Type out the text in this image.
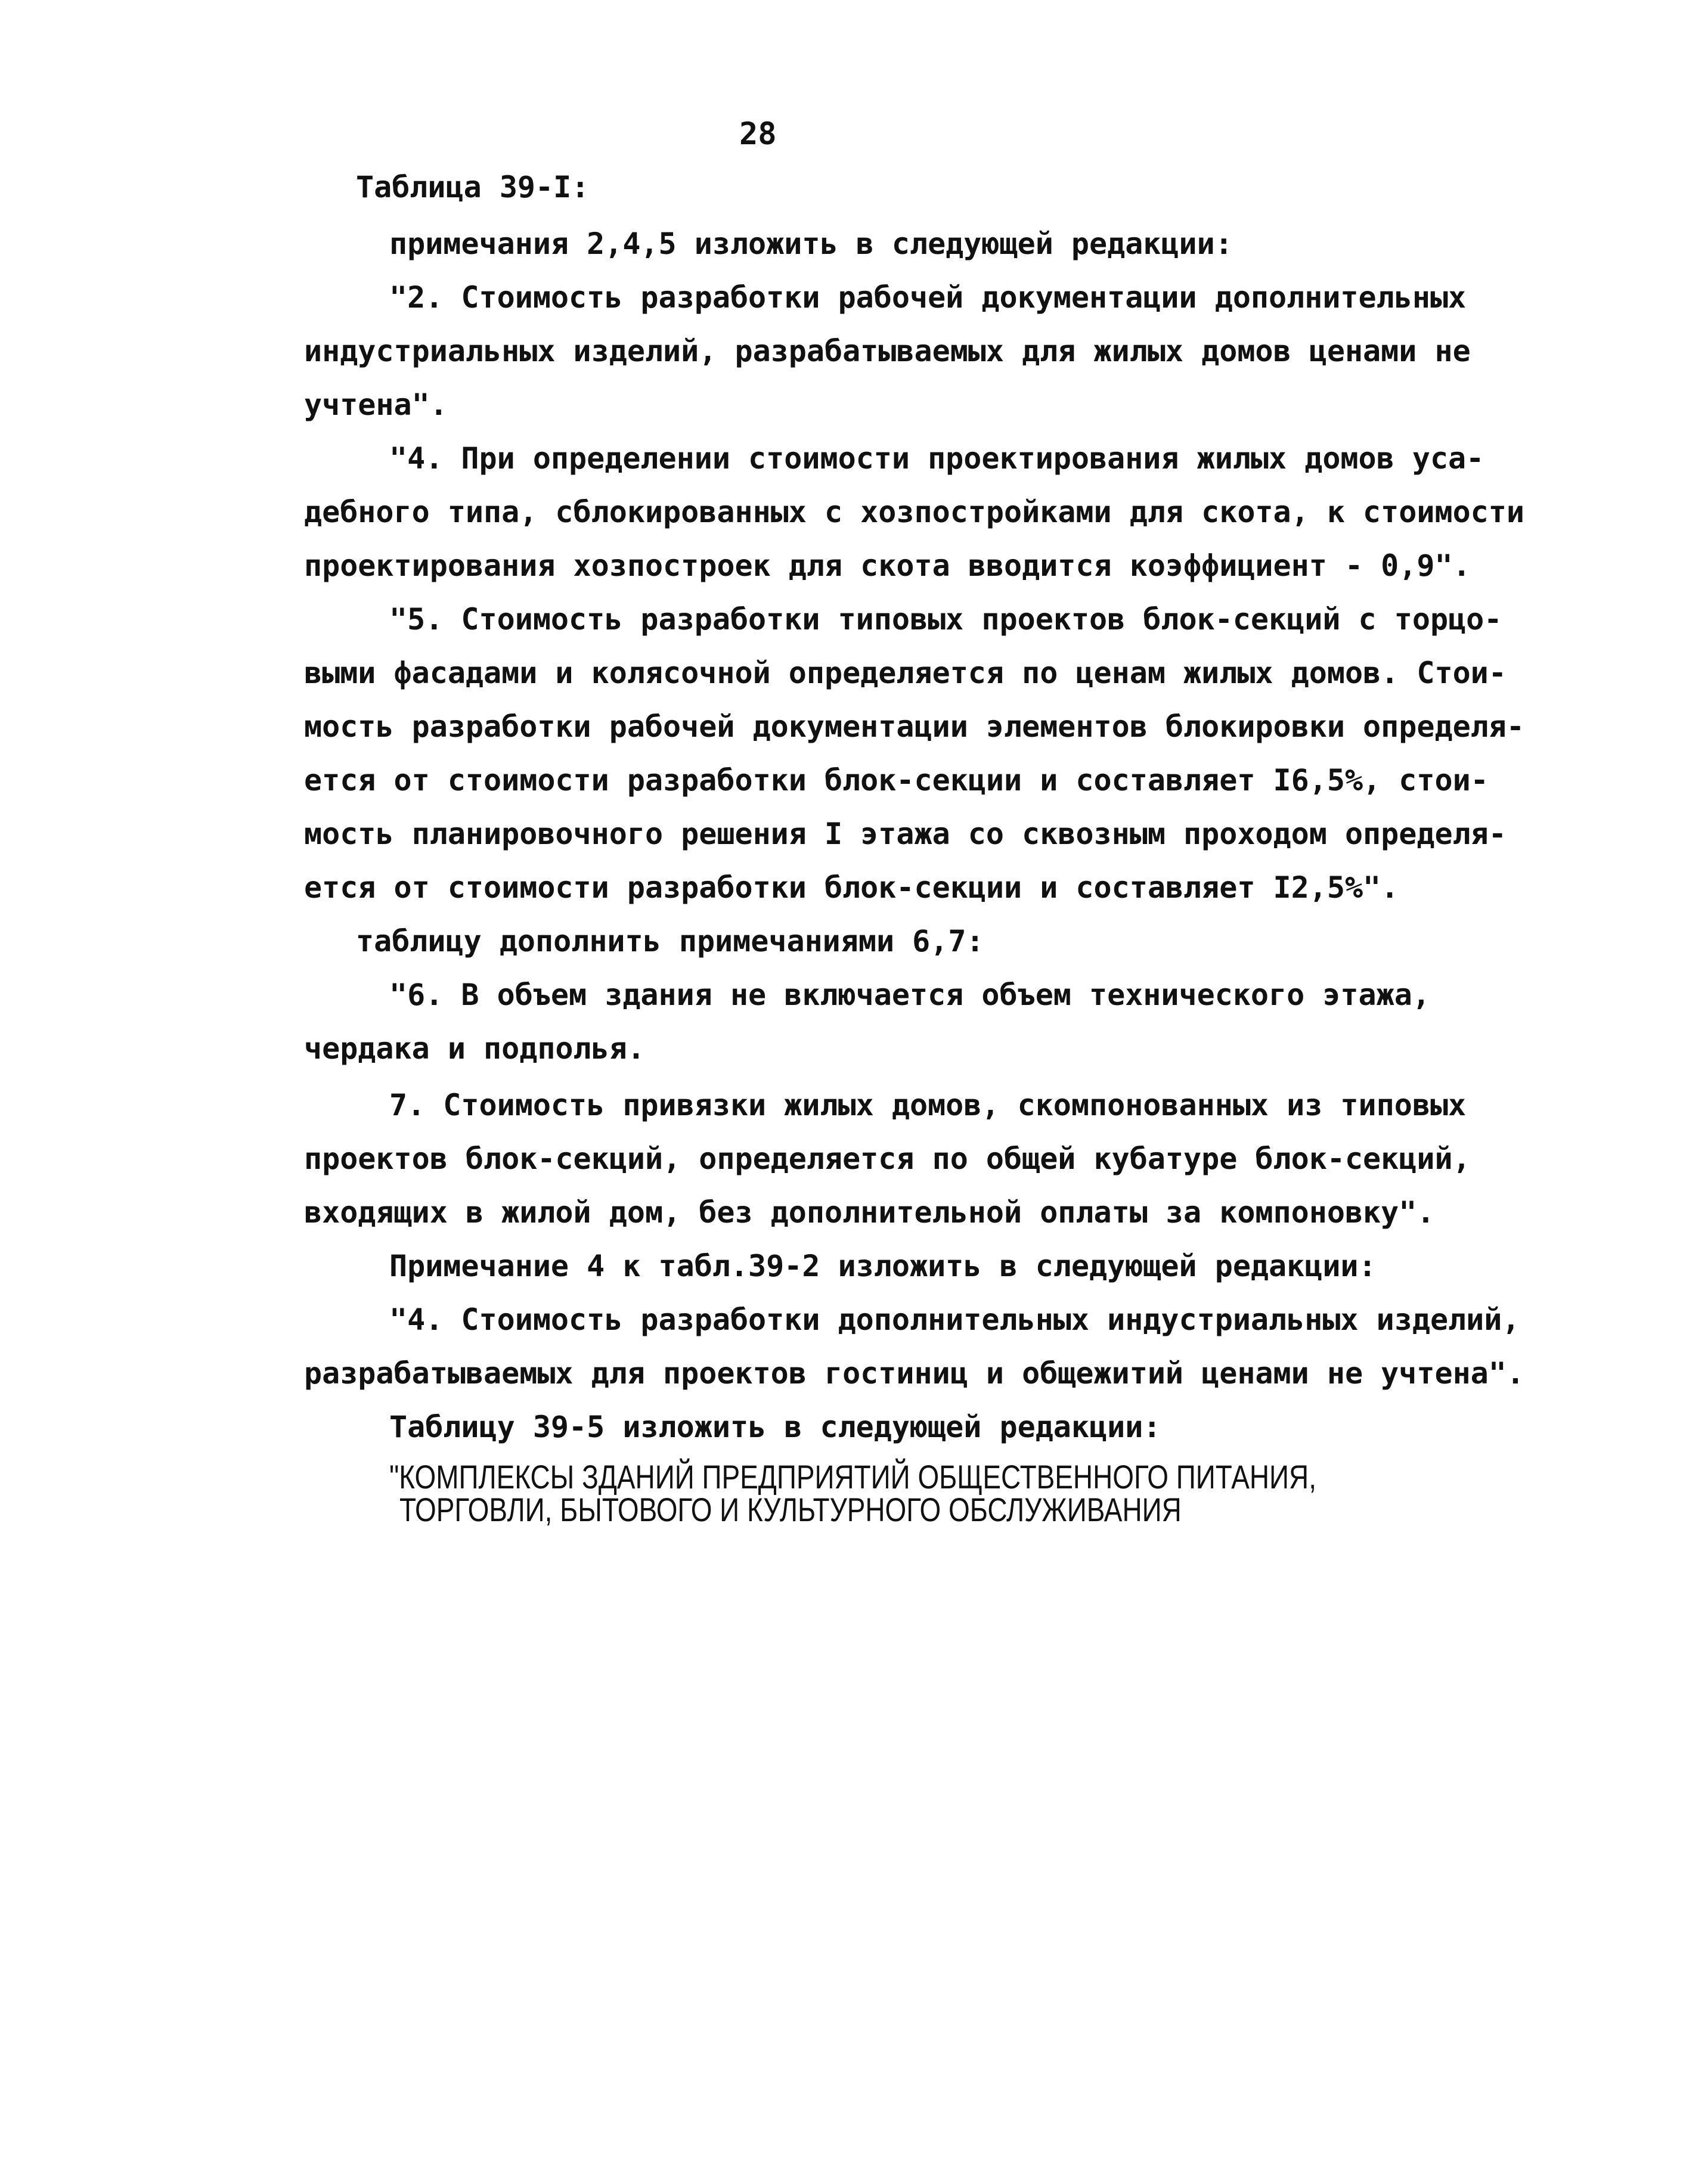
28
Таблица 39-I:
примечания 2,4,5 изложить в следующей редакции:
"2. Стоимость разработки рабочей документации дополнительных
индустриальных изделий, разрабатываемых для жилых домов ценами не
учтена".
"4. При определении стоимости проектирования жилых домов уса-
дебного типа, сблокированных с хозпостройками для скота, к стоимости
проектирования хозпостроек для скота вводится коэффициент - 0,9".
"5. Стоимость разработки типовых проектов блок-секций с торцо-
выми фасадами и колясочной определяется по ценам жилых домов. Стои-
мость разработки рабочей документации элементов блокировки определя-
ется от стоимости разработки блок-секции и составляет I6,5%, стои-
мость планировочного решения I этажа со сквозным проходом определя-
ется от стоимости разработки блок-секции и составляет I2,5%".
таблицу дополнить примечаниями 6,7:
"6. В объем здания не включается объем технического этажа,
чердака и подполья.
7. Стоимость привязки жилых домов, скомпонованных из типовых
проектов блок-секций, определяется по общей кубатуре блок-секций,
входящих в жилой дом, без дополнительной оплаты за компоновку".
Примечание 4 к табл.39-2 изложить в следующей редакции:
"4. Стоимость разработки дополнительных индустриальных изделий,
разрабатываемых для проектов гостиниц и общежитий ценами не учтена".
Таблицу 39-5 изложить в следующей редакции:
"КОМПЛЕКСЫ ЗДАНИЙ ПРЕДПРИЯТИЙ ОБЩЕСТВЕННОГО ПИТАНИЯ,
ТОРГОВЛИ, БЫТОВОГО И КУЛЬТУРНОГО ОБСЛУЖИВАНИЯ
